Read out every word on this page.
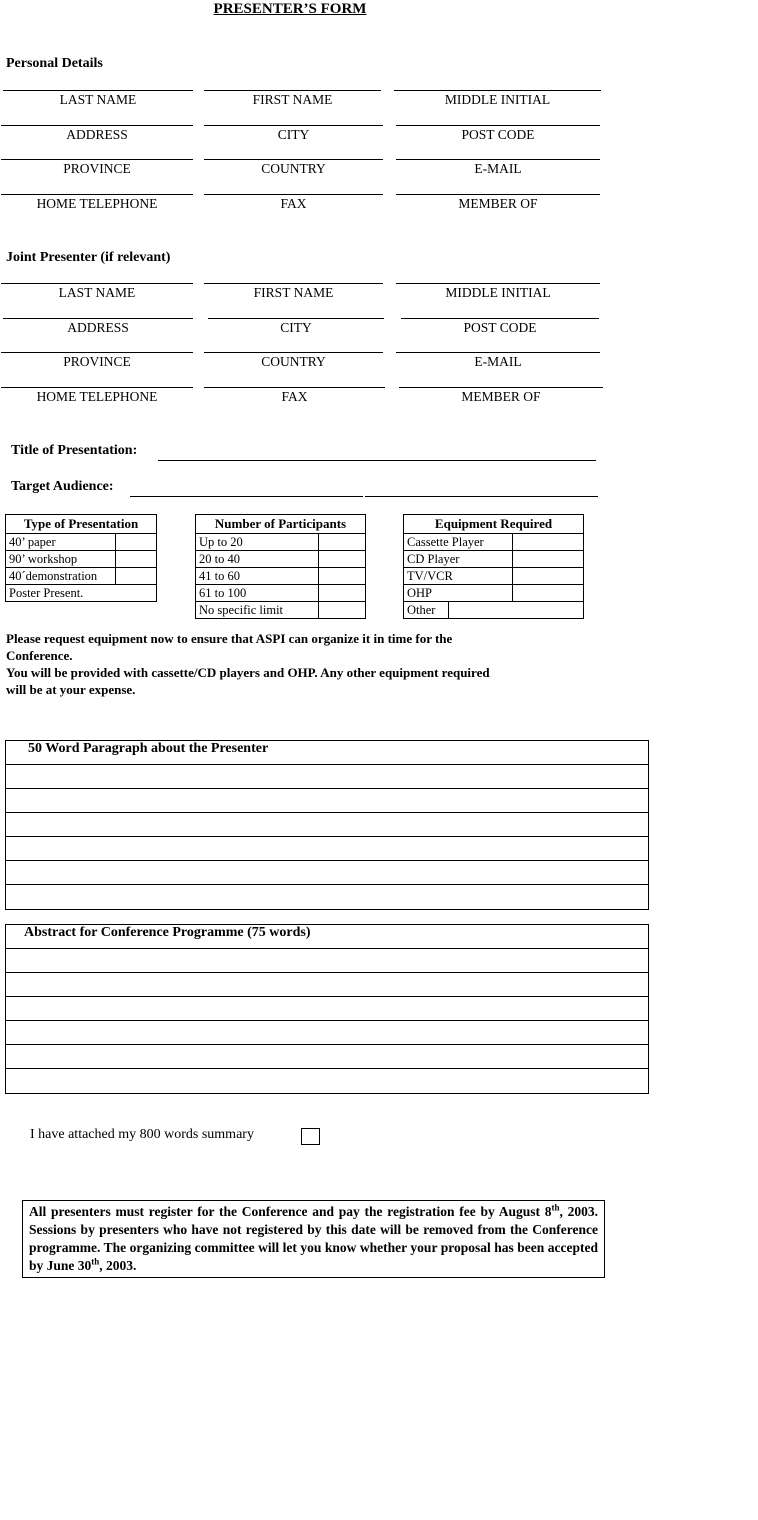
PRESENTER’S FORM
Personal Details
LAST NAME	FIRST NAME	MIDDLE INITIAL
ADDRESS	CITY	POST CODE
PROVINCE	COUNTRY	E-MAIL
HOME TELEPHONE	FAX	MEMBER OF
Joint Presenter (if relevant)
LAST NAME	FIRST NAME	MIDDLE INITIAL
ADDRESS	CITY	POST CODE
PROVINCE	COUNTRY	E-MAIL
HOME TELEPHONE	FAX	MEMBER OF
Title of Presentation:
Target Audience:
Type of Presentation	
40’ paper	
90’ workshop	
40´demonstration	
Poster Present.	
Number of Participants	
Up to 20	
20 to 40	
41 to 60	
61 to 100	
No specific limit	
Equipment Required		
Cassette Player		
CD Player		
TV/VCR		
OHP		
Other		
Please request equipment now to ensure that ASPI can organize it in time for the
Conference.
You will be provided with cassette/CD players and OHP. Any other equipment required
will be at your expense.
50 Word Paragraph about the Presenter
Abstract for Conference Programme (75 words)
I have attached my 800 words summary
All presenters must register for the Conference and pay the registration fee by August 8th, 2003. Sessions by presenters who have not registered by this date will be removed from the Conference programme. The organizing committee will let you know whether your proposal has been accepted by June 30th, 2003.
